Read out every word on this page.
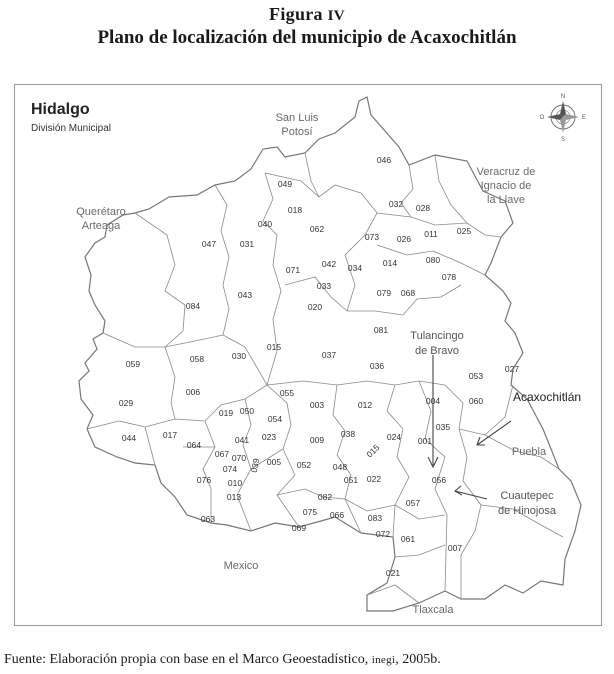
Figura IV
Plano de localización del municipio de Acaxochitlán
N
S
E
O
046
049
018
040	062
032 028
047	031
073 026 011 025
071
042 034 014	080
078
043
033
079 068
084	020
081
015
037
058	030
036
053
027
059
006	055
004	060
029
019 050
003	012
054
035
017
044	023	009
038	024 001
064	041
039
015
067 070 005 052	048
051 022	056
076
074
010
013	082
057
075 066	083
063
069
072 061
007
021
San Luis Potosí
Veracruz de Ignacio de la Llave
Querétaro Arteaga
Puebla
Mexico
Tlaxcala
Tulancingo de Bravo
Acaxochitlán
Cuautepec de Hinojosa
Hidalgo
División Municipal
Fuente: Elaboración propia con base en el Marco Geoestadístico, inegi, 2005b.
